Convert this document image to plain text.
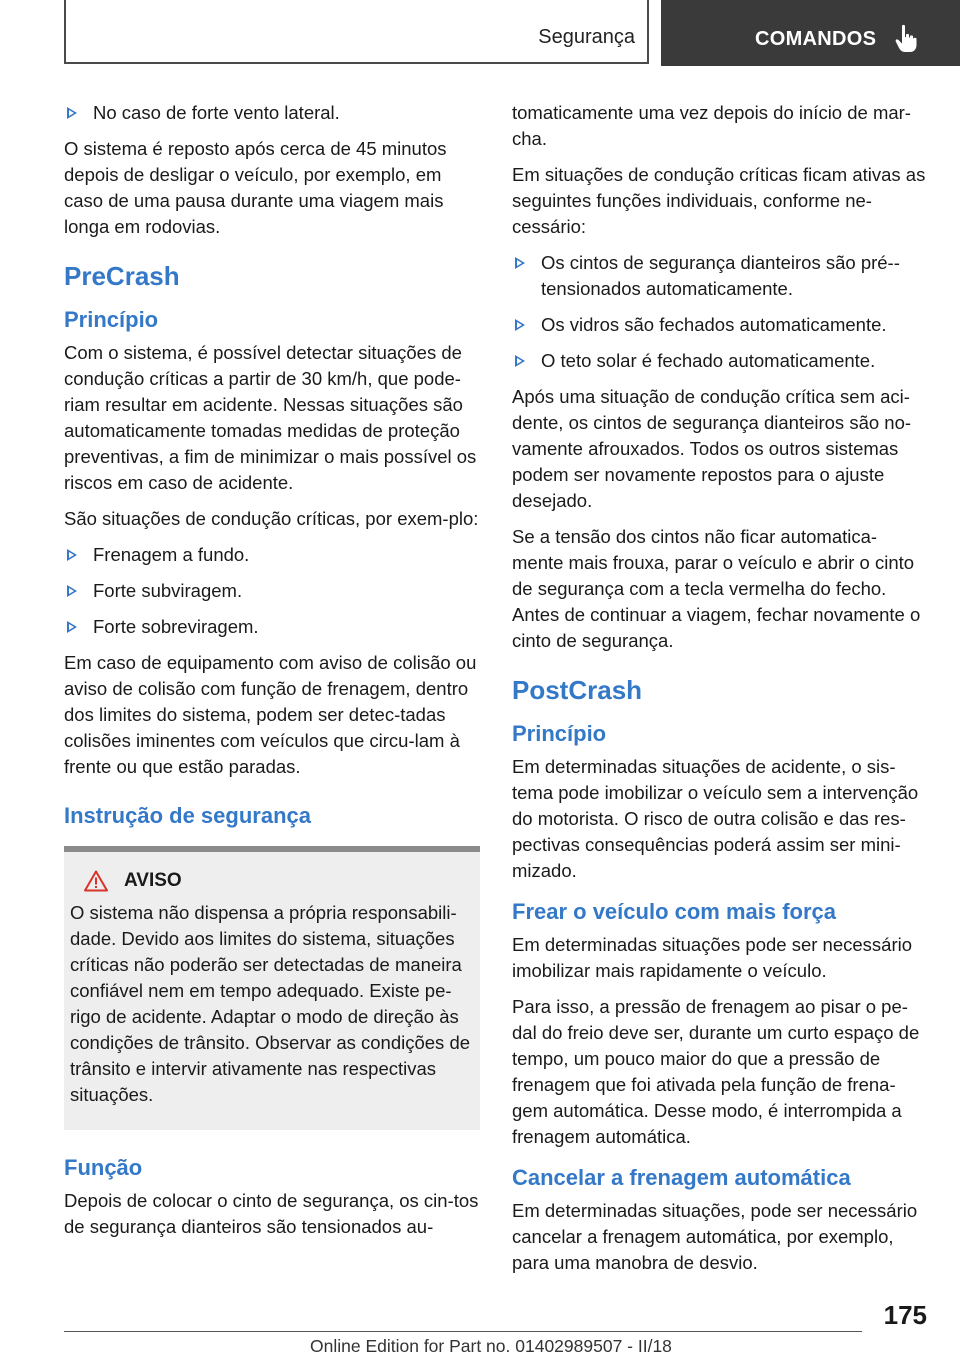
Segurança	COMANDOS
No caso de forte vento lateral.

O sistema é reposto após cerca de 45 minutos depois de desligar o veículo, por exemplo, em caso de uma pausa durante uma viagem mais longa em rodovias.

PreCrash
Princípio

Com o sistema, é possível detectar situações de condução críticas a partir de 30 km/h, que pode‐riam resultar em acidente. Nessas situações são automaticamente tomadas medidas de proteção preventivas, a fim de minimizar o mais possível os riscos em caso de acidente.

São situações de condução críticas, por exem‐plo:

Frenagem a fundo.
Forte subviragem.
Forte sobreviragem.

Em caso de equipamento com aviso de colisão ou aviso de colisão com função de frenagem, dentro dos limites do sistema, podem ser detec‐tadas colisões iminentes com veículos que circu‐lam à frente ou que estão paradas.

Instrução de segurança
AVISO

O sistema não dispensa a própria responsabili‐dade. Devido aos limites do sistema, situações críticas não poderão ser detectadas de maneira confiável nem em tempo adequado. Existe pe‐rigo de acidente. Adaptar o modo de direção às condições de trânsito. Observar as condições de trânsito e intervir ativamente nas respectivas situações.

Função

Depois de colocar o cinto de segurança, os cin‐tos de segurança dianteiros são tensionados au‐

tomaticamente uma vez depois do início de mar‐cha.

Em situações de condução críticas ficam ativas as seguintes funções individuais, conforme ne‐cessário:

Os cintos de segurança dianteiros são pré‐‐tensionados automaticamente.
Os vidros são fechados automaticamente.
O teto solar é fechado automaticamente.

Após uma situação de condução crítica sem aci‐dente, os cintos de segurança dianteiros são no‐vamente afrouxados. Todos os outros sistemas podem ser novamente repostos para o ajuste desejado.

Se a tensão dos cintos não ficar automatica‐mente mais frouxa, parar o veículo e abrir o cinto de segurança com a tecla vermelha do fecho. Antes de continuar a viagem, fechar novamente o cinto de segurança.

PostCrash
Princípio

Em determinadas situações de acidente, o sis‐tema pode imobilizar o veículo sem a intervenção do motorista. O risco de outra colisão e das res‐pectivas consequências poderá assim ser mini‐mizado.

Frear o veículo com mais força

Em determinadas situações pode ser necessário imobilizar mais rapidamente o veículo.

Para isso, a pressão de frenagem ao pisar o pe‐dal do freio deve ser, durante um curto espaço de tempo, um pouco maior do que a pressão de frenagem que foi ativada pela função de frena‐gem automática. Desse modo, é interrompida a frenagem automática.

Cancelar a frenagem automática

Em determinadas situações, pode ser necessário cancelar a frenagem automática, por exemplo, para uma manobra de desvio.

175
Online Edition for Part no. 01402989507 - II/18
